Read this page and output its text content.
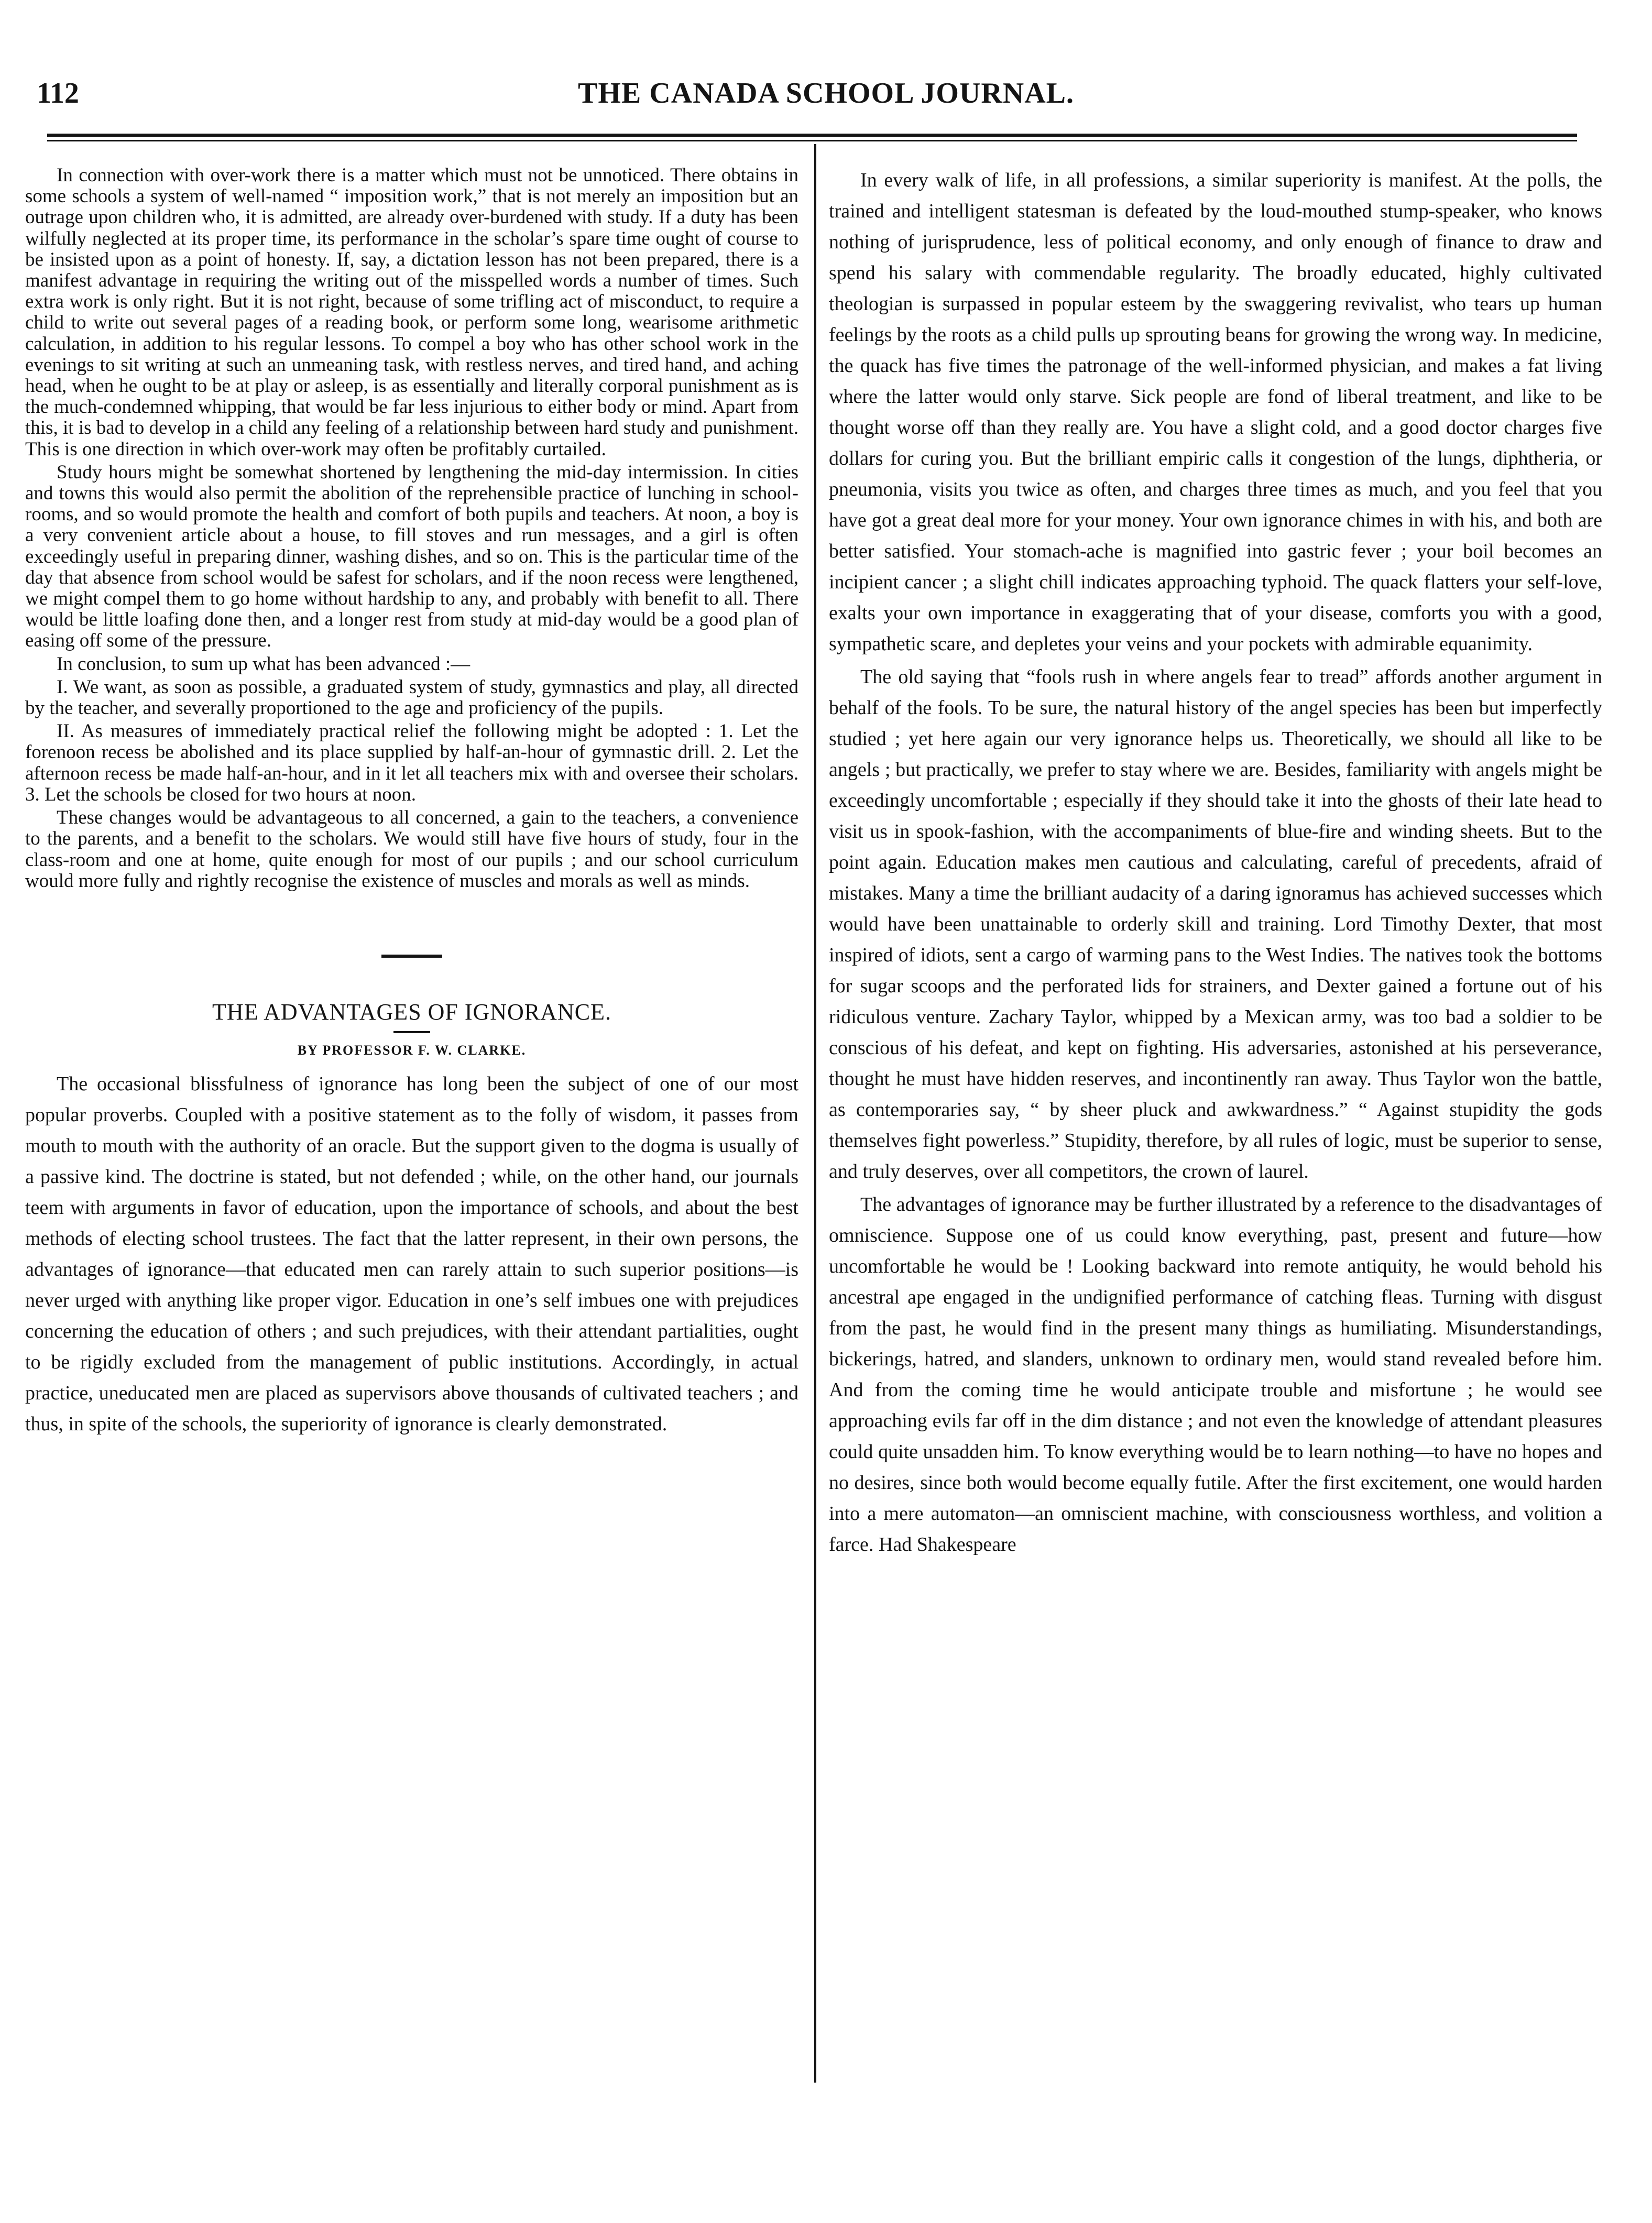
112	THE CANADA SCHOOL JOURNAL.

In connection with over-work there is a matter which must not be unnoticed. There obtains in some schools a system of well-named “ imposition work,” that is not merely an imposition but an outrage upon children who, it is admitted, are already over-burdened with study. If a duty has been wilfully neglected at its proper time, its performance in the scholar’s spare time ought of course to be insisted upon as a point of honesty. If, say, a dictation lesson has not been prepared, there is a manifest advantage in requiring the writing out of the misspelled words a number of times. Such extra work is only right. But it is not right, because of some trifling act of misconduct, to require a child to write out several pages of a reading book, or perform some long, wearisome arithmetic calculation, in addition to his regular lessons. To compel a boy who has other school work in the evenings to sit writing at such an unmeaning task, with restless nerves, and tired hand, and aching head, when he ought to be at play or asleep, is as essentially and literally corporal punishment as is the much-condemned whipping, that would be far less injurious to either body or mind. Apart from this, it is bad to develop in a child any feeling of a relationship between hard study and punishment. This is one direction in which over-work may often be profitably curtailed.

Study hours might be somewhat shortened by lengthening the mid-day intermission. In cities and towns this would also permit the abolition of the reprehensible practice of lunching in school-rooms, and so would promote the health and comfort of both pupils and teachers. At noon, a boy is a very convenient article about a house, to fill stoves and run messages, and a girl is often exceedingly useful in preparing dinner, washing dishes, and so on. This is the particular time of the day that absence from school would be safest for scholars, and if the noon recess were lengthened, we might compel them to go home without hardship to any, and probably with benefit to all. There would be little loafing done then, and a longer rest from study at mid-day would be a good plan of easing off some of the pressure.

In conclusion, to sum up what has been advanced :—

I. We want, as soon as possible, a graduated system of study, gymnastics and play, all directed by the teacher, and severally proportioned to the age and proficiency of the pupils.

II. As measures of immediately practical relief the following might be adopted : 1. Let the forenoon recess be abolished and its place supplied by half-an-hour of gymnastic drill. 2. Let the afternoon recess be made half-an-hour, and in it let all teachers mix with and oversee their scholars. 3. Let the schools be closed for two hours at noon.

These changes would be advantageous to all concerned, a gain to the teachers, a convenience to the parents, and a benefit to the scholars. We would still have five hours of study, four in the class-room and one at home, quite enough for most of our pupils ; and our school curriculum would more fully and rightly recognise the existence of muscles and morals as well as minds.

THE ADVANTAGES OF IGNORANCE.
BY PROFESSOR F. W. CLARKE.

The occasional blissfulness of ignorance has long been the subject of one of our most popular proverbs. Coupled with a positive statement as to the folly of wisdom, it passes from mouth to mouth with the authority of an oracle. But the support given to the dogma is usually of a passive kind. The doctrine is stated, but not defended ; while, on the other hand, our journals teem with arguments in favor of education, upon the importance of schools, and about the best methods of electing school trustees. The fact that the latter represent, in their own persons, the advantages of ignorance—that educated men can rarely attain to such superior positions—is never urged with anything like proper vigor. Education in one’s self imbues one with prejudices concerning the education of others ; and such prejudices, with their attendant partialities, ought to be rigidly excluded from the management of public institutions. Accordingly, in actual practice, uneducated men are placed as supervisors above thousands of cultivated teachers ; and thus, in spite of the schools, the superiority of ignorance is clearly demonstrated.

In every walk of life, in all professions, a similar superiority is manifest. At the polls, the trained and intelligent statesman is defeated by the loud-mouthed stump-speaker, who knows nothing of jurisprudence, less of political economy, and only enough of finance to draw and spend his salary with commendable regularity. The broadly educated, highly cultivated theologian is surpassed in popular esteem by the swaggering revivalist, who tears up human feelings by the roots as a child pulls up sprouting beans for growing the wrong way. In medicine, the quack has five times the patronage of the well-informed physician, and makes a fat living where the latter would only starve. Sick people are fond of liberal treatment, and like to be thought worse off than they really are. You have a slight cold, and a good doctor charges five dollars for curing you. But the brilliant empiric calls it congestion of the lungs, diphtheria, or pneumonia, visits you twice as often, and charges three times as much, and you feel that you have got a great deal more for your money. Your own ignorance chimes in with his, and both are better satisfied. Your stomach-ache is magnified into gastric fever ; your boil becomes an incipient cancer ; a slight chill indicates approaching typhoid. The quack flatters your self-love, exalts your own importance in exaggerating that of your disease, comforts you with a good, sympathetic scare, and depletes your veins and your pockets with admirable equanimity.

The old saying that “fools rush in where angels fear to tread” affords another argument in behalf of the fools. To be sure, the natural history of the angel species has been but imperfectly studied ; yet here again our very ignorance helps us. Theoretically, we should all like to be angels ; but practically, we prefer to stay where we are. Besides, familiarity with angels might be exceedingly uncomfortable ; especially if they should take it into the ghosts of their late head to visit us in spook-fashion, with the accompaniments of blue-fire and winding sheets. But to the point again. Education makes men cautious and calculating, careful of precedents, afraid of mistakes. Many a time the brilliant audacity of a daring ignoramus has achieved successes which would have been unattainable to orderly skill and training. Lord Timothy Dexter, that most inspired of idiots, sent a cargo of warming pans to the West Indies. The natives took the bottoms for sugar scoops and the perforated lids for strainers, and Dexter gained a fortune out of his ridiculous venture. Zachary Taylor, whipped by a Mexican army, was too bad a soldier to be conscious of his defeat, and kept on fighting. His adversaries, astonished at his perseverance, thought he must have hidden reserves, and incontinently ran away. Thus Taylor won the battle, as contemporaries say, “ by sheer pluck and awkwardness.” “ Against stupidity the gods themselves fight powerless.” Stupidity, therefore, by all rules of logic, must be superior to sense, and truly deserves, over all competitors, the crown of laurel.

The advantages of ignorance may be further illustrated by a reference to the disadvantages of omniscience. Suppose one of us could know everything, past, present and future—how uncomfortable he would be ! Looking backward into remote antiquity, he would behold his ancestral ape engaged in the undignified performance of catching fleas. Turning with disgust from the past, he would find in the present many things as humiliating. Misunderstandings, bickerings, hatred, and slanders, unknown to ordinary men, would stand revealed before him. And from the coming time he would anticipate trouble and misfortune ; he would see approaching evils far off in the dim distance ; and not even the knowledge of attendant pleasures could quite unsadden him. To know everything would be to learn nothing—to have no hopes and no desires, since both would become equally futile. After the first excitement, one would harden into a mere automaton—an omniscient machine, with consciousness worthless, and volition a farce. Had Shakespeare
